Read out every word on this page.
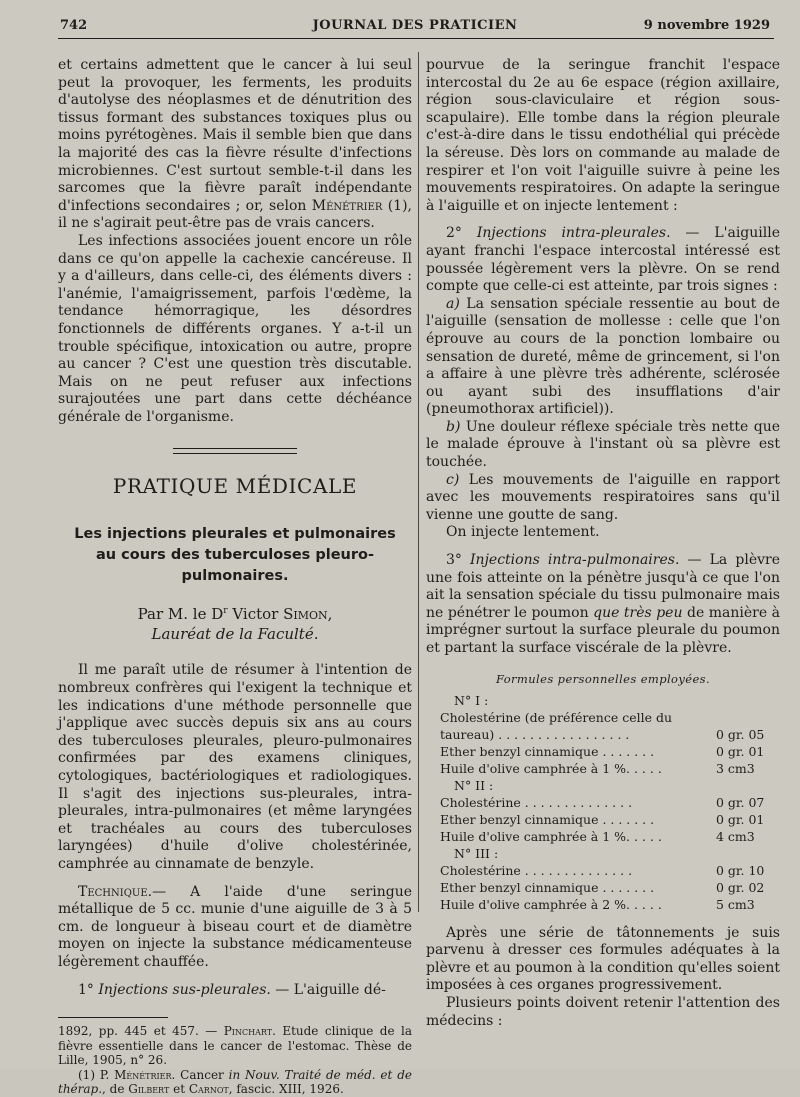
742	JOURNAL DES PRATICIEN	9 novembre 1929

et certains admettent que le cancer à lui seul peut la provoquer, les ferments, les produits d'autolyse des néoplasmes et de dénutrition des tissus formant des substances toxiques plus ou moins pyrétogènes. Mais il semble bien que dans la majorité des cas la fièvre résulte d'infections microbiennes. C'est surtout semble-t-il dans les sarcomes que la fièvre paraît indépendante d'infections secondaires ; or, selon Ménétrier (1), il ne s'agirait peut-être pas de vrais cancers.

Les infections associées jouent encore un rôle dans ce qu'on appelle la cachexie cancéreuse. Il y a d'ailleurs, dans celle-ci, des éléments divers : l'anémie, l'amaigrissement, parfois l'œdème, la tendance hémorragique, les désordres fonctionnels de différents organes. Y a-t-il un trouble spécifique, intoxication ou autre, propre au cancer ? C'est une question très discutable. Mais on ne peut refuser aux infections surajoutées une part dans cette déchéance générale de l'organisme.

PRATIQUE MÉDICALE
Les injections pleurales et pulmonaires
au cours des tuberculoses pleuro-pulmonaires.
Par M. le $D^r$ Victor Simon,
Lauréat de la Faculté.

Il me paraît utile de résumer à l'intention de nombreux confrères qui l'exigent la technique et les indications d'une méthode personnelle que j'applique avec succès depuis six ans au cours des tuberculoses pleurales, pleuro-pulmonaires confirmées par des examens cliniques, cytologiques, bactériologiques et radiologiques. Il s'agit des injections sus-pleurales, intra-pleurales, intra-pulmonaires (et même laryngées et trachéales au cours des tuberculoses laryngées) d'huile d'olive cholestérinée, camphrée au cinnamate de benzyle.

Technique.— A l'aide d'une seringue métallique de 5 cc. munie d'une aiguille de 3 à 5 cm. de longueur à biseau court et de diamètre moyen on injecte la substance médicamenteuse légèrement chauffée.

1° Injections sus-pleurales. — L'aiguille dé-

1892, pp. 445 et 457. — Pinchart. Etude clinique de la fièvre essentielle dans le cancer de l'estomac. Thèse de Lille, 1905, n° 26.

(1) P. Ménétrier. Cancer in Nouv. Traité de méd. et de thérap., de Gilbert et Carnot, fascic. XIII, 1926.

pourvue de la seringue franchit l'espace intercostal du 2e au 6e espace (région axillaire, région sous-claviculaire et région sous-scapulaire). Elle tombe dans la région pleurale c'est-à-dire dans le tissu endothélial qui précède la séreuse. Dès lors on commande au malade de respirer et l'on voit l'aiguille suivre à peine les mouvements respiratoires. On adapte la seringue à l'aiguille et on injecte lentement :

2° Injections intra-pleurales. — L'aiguille ayant franchi l'espace intercostal intéressé est poussée légèrement vers la plèvre. On se rend compte que celle-ci est atteinte, par trois signes :

a) La sensation spéciale ressentie au bout de l'aiguille (sensation de mollesse : celle que l'on éprouve au cours de la ponction lombaire ou sensation de dureté, même de grincement, si l'on a affaire à une plèvre très adhérente, sclérosée ou ayant subi des insufflations d'air (pneumothorax artificiel)).

b) Une douleur réflexe spéciale très nette que le malade éprouve à l'instant où sa plèvre est touchée.

c) Les mouvements de l'aiguille en rapport avec les mouvements respiratoires sans qu'il vienne une goutte de sang.

On injecte lentement.

3° Injections intra-pulmonaires. — La plèvre une fois atteinte on la pénètre jusqu'à ce que l'on ait la sensation spéciale du tissu pulmonaire mais ne pénétrer le poumon que très peu de manière à imprégner surtout la surface pleurale du poumon et partant la surface viscérale de la plèvre.

Formules personnelles employées.
N° I :
Cholestérine (de préférence celle du taureau) . . . . . . . . . . . . . . . . .	0 gr. 05
Ether benzyl cinnamique . . . . . . .	0 gr. 01
Huile d'olive camphrée à 1 %. . . . .	3 cm3
N° II :
Cholestérine . . . . . . . . . . . . . .	0 gr. 07
Ether benzyl cinnamique . . . . . . .	0 gr. 01
Huile d'olive camphrée à 1 %. . . . .	4 cm3
N° III :
Cholestérine . . . . . . . . . . . . . .	0 gr. 10
Ether benzyl cinnamique . . . . . . .	0 gr. 02
Huile d'olive camphrée à 2 %. . . . .	5 cm3

Après une série de tâtonnements je suis parvenu à dresser ces formules adéquates à la plèvre et au poumon à la condition qu'elles soient imposées à ces organes progressivement.

Plusieurs points doivent retenir l'attention des médecins :
